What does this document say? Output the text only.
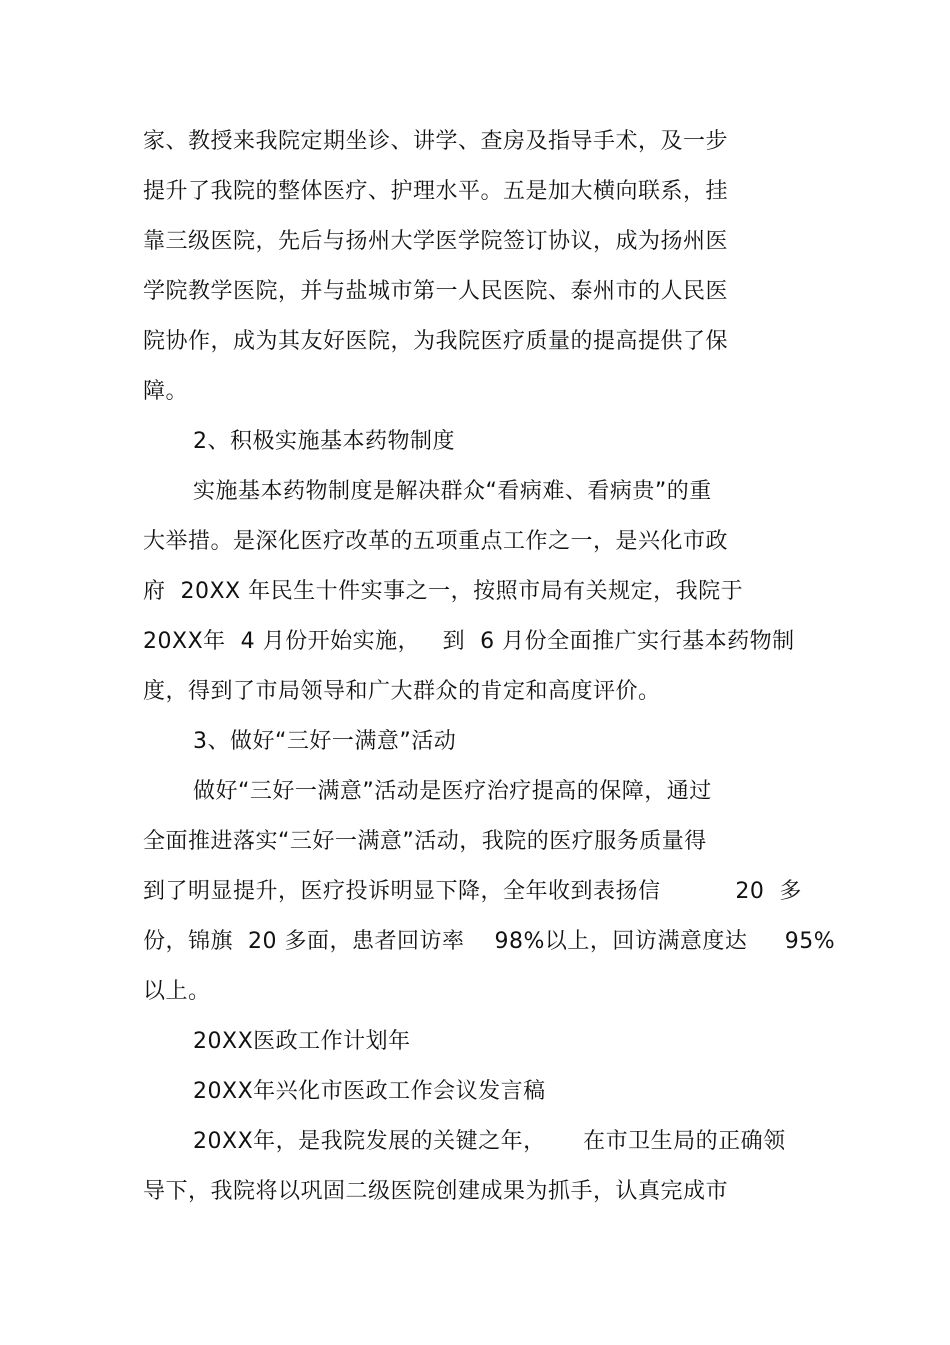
家、教授来我院定期坐诊、讲学、查房及指导手术，及一步
提升了我院的整体医疗、护理水平。五是加大横向联系，挂
靠三级医院，先后与扬州大学医学院签订协议，成为扬州医
学院教学医院，并与盐城市第一人民医院、泰州市的人民医
院协作，成为其友好医院，为我院医疗质量的提高提供了保
障。
2、积极实施基本药物制度
实施基本药物制度是解决群众“看病难、看病贵”的重
大举措。是深化医疗改革的五项重点工作之一，是兴化市政
府  20XX 年民生十件实事之一，按照市局有关规定，我院于
20XX年  4 月份开始实施，   到  6 月份全面推广实行基本药物制
度，得到了市局领导和广大群众的肯定和高度评价。
3、做好“三好一满意”活动
做好“三好一满意”活动是医疗治疗提高的保障，通过
全面推进落实“三好一满意”活动，我院的医疗服务质量得
到了明显提升，医疗投诉明显下降，全年收到表扬信          20  多
份，锦旗  20 多面，患者回访率    98%以上，回访满意度达     95%
以上。
20XX医政工作计划年
20XX年兴化市医政工作会议发言稿
20XX年，是我院发展的关键之年，     在市卫生局的正确领
导下，我院将以巩固二级医院创建成果为抓手，认真完成市
